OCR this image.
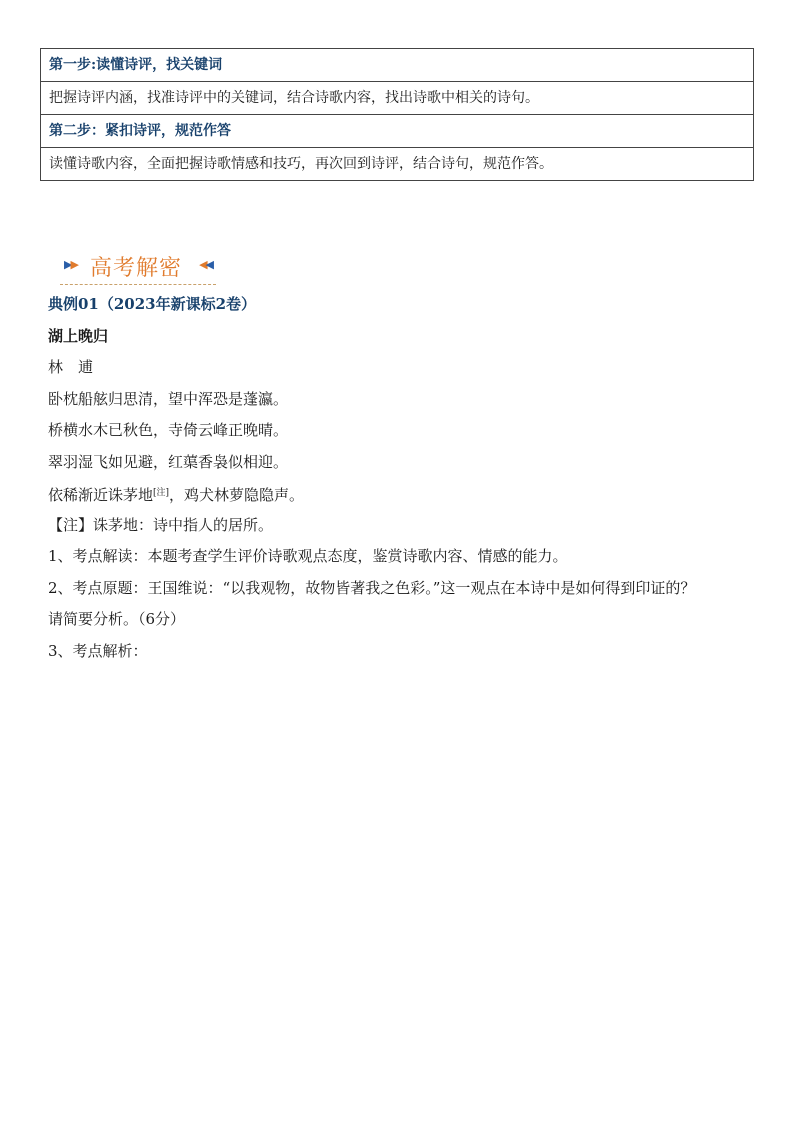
第一步:读懂诗评，找关键词
把握诗评内涵，找准诗评中的关键词，结合诗歌内容，找出诗歌中相关的诗句。
第二步：紧扣诗评，规范作答
读懂诗歌内容，全面把握诗歌情感和技巧，再次回到诗评，结合诗句，规范作答。
▶▶ 高考解密 ◀◀
典例01（2023年新课标2卷）
湖上晚归
林　逋
卧枕船舷归思清，望中浑恐是蓬瀛。
桥横水木已秋色，寺倚云峰正晚晴。
翠羽湿飞如见避，红蕖香袅似相迎。
依稀渐近诛茅地[注]，鸡犬林萝隐隐声。
【注】诛茅地：诗中指人的居所。
1、考点解读：本题考查学生评价诗歌观点态度，鉴赏诗歌内容、情感的能力。
2、考点原题：王国维说：“以我观物，故物皆著我之色彩。”这一观点在本诗中是如何得到印证的？
请简要分析。（6分）
3、考点解析：
